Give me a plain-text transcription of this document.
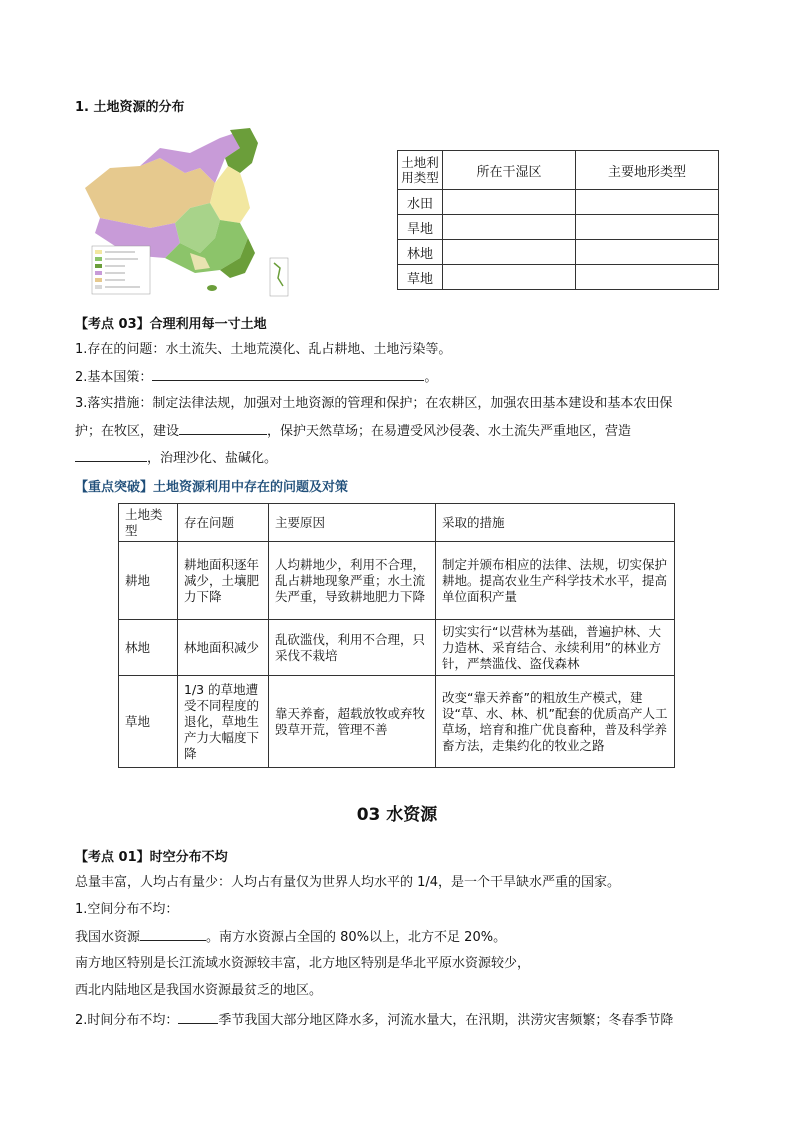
1. 土地资源的分布
土地利用类型	所在干湿区	主要地形类型
水田		
旱地		
林地		
草地		
【考点 03】合理利用每一寸土地
1.存在的问题：水土流失、土地荒漠化、乱占耕地、土地污染等。
2.基本国策：	。
3.落实措施：制定法律法规，加强对土地资源的管理和保护；在农耕区，加强农田基本建设和基本农田保
护；在牧区，建设	，保护天然草场；在易遭受风沙侵袭、水土流失严重地区，营造
，治理沙化、盐碱化。
【重点突破】土地资源利用中存在的问题及对策
土地类型	存在问题	主要原因	采取的措施
耕地	耕地面积逐年减少，土壤肥力下降	人均耕地少，利用不合理，乱占耕地现象严重；水土流失严重，导致耕地肥力下降	制定并颁布相应的法律、法规，切实保护耕地。提高农业生产科学技术水平，提高单位面积产量
林地	林地面积减少	乱砍滥伐，利用不合理，只采伐不栽培	切实实行“以营林为基础，普遍护林、大力造林、采育结合、永续利用”的林业方针，严禁滥伐、盗伐森林
草地	1/3 的草地遭受不同程度的退化，草地生产力大幅度下降	靠天养畜，超载放牧或弃牧毁草开荒，管理不善	改变“靠天养畜”的粗放生产模式，建设“草、水、林、机”配套的优质高产人工草场，培育和推广优良畜种，普及科学养畜方法，走集约化的牧业之路
03 水资源
【考点 01】时空分布不均
总量丰富，人均占有量少：人均占有量仅为世界人均水平的 1/4，是一个干旱缺水严重的国家。
1.空间分布不均：
我国水资源	。南方水资源占全国的 80%以上，北方不足 20%。
南方地区特别是长江流域水资源较丰富，北方地区特别是华北平原水资源较少，
西北内陆地区是我国水资源最贫乏的地区。
2.时间分布不均：	季节我国大部分地区降水多，河流水量大，在汛期，洪涝灾害频繁；冬春季节降
